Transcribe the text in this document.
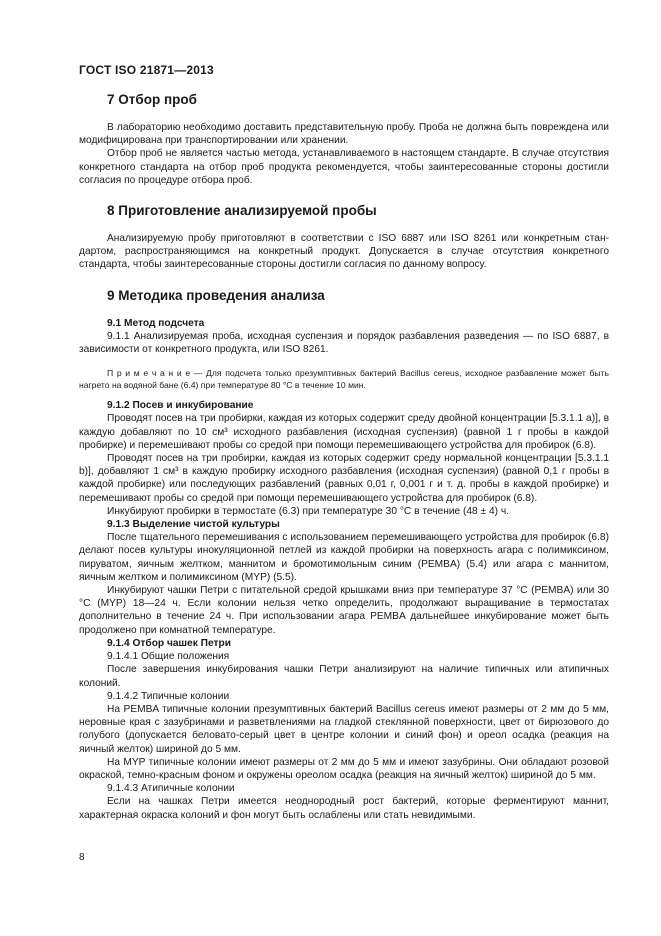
ГОСТ ISO 21871—2013
7 Отбор проб

В лабораторию необходимо доставить представительную пробу. Проба не должна быть повреждена или модифицирована при транспортировании или хранении.

Отбор проб не является частью метода, устанавливаемого в настоящем стандарте. В случае отсутствия конкретного стандарта на отбор проб продукта рекомендуется, чтобы заинтересованные стороны достигли согласия по процедуре отбора проб.

8 Приготовление анализируемой пробы

Анализируемую пробу приготовляют в соответствии с ISO 6887 или ISO 8261 или конкретным стандартом, распространяющимся на конкретный продукт. Допускается в случае отсутствия конкретного стандарта, чтобы заинтересованные стороны достигли согласия по данному вопросу.

9 Методика проведения анализа
9.1 Метод подсчета

9.1.1 Анализируемая проба, исходная суспензия и порядок разбавления разведения — по ISO 6887, в зависимости от конкретного продукта, или ISO 8261.

П р и м е ч а н и е — Для подсчета только презумптивных бактерий Bacillus cereus, исходное разбавление может быть нагрето на водяной бане (6.4) при температуре 80 °С в течение 10 мин.

9.1.2 Посев и инкубирование

Проводят посев на три пробирки, каждая из которых содержит среду двойной концентрации [5.3.1.1 a)], в каждую добавляют по 10 см³ исходного разбавления (исходная суспензия) (равной 1 г пробы в каждой пробирке) и перемешивают пробы со средой при помощи перемешивающего устройства для пробирок (6.8).

Проводят посев на три пробирки, каждая из которых содержит среду нормальной концентрации [5.3.1.1 b)], добавляют 1 см³ в каждую пробирку исходного разбавления (исходная суспензия) (равной 0,1 г пробы в каждой пробирке) или последующих разбавлений (равных 0,01 г, 0,001 г и т. д. пробы в каждой пробирке) и перемешивают пробы со средой при помощи перемешивающего устройства для пробирок (6.8).

Инкубируют пробирки в термостате (6.3) при температуре 30 °С в течение (48 ± 4) ч.

9.1.3 Выделение чистой культуры

После тщательного перемешивания с использованием перемешивающего устройства для пробирок (6.8) делают посев культуры инокуляционной петлей из каждой пробирки на поверхность агара с полимиксином, пируватом, яичным желтком, маннитом и бромотимольным синим (PEMBA) (5.4) или агара с маннитом, яичным желтком и полимиксином (MYP) (5.5).

Инкубируют чашки Петри с питательной средой крышками вниз при температуре 37 °С (PEMBA) или 30 °С (MYP) 18—24 ч. Если колонии нельзя четко определить, продолжают выращивание в термостатах дополнительно в течение 24 ч. При использовании агара PEMBA дальнейшее инкубирование может быть продолжено при комнатной температуре.

9.1.4 Отбор чашек Петри

9.1.4.1 Общие положения

После завершения инкубирования чашки Петри анализируют на наличие типичных или атипичных колоний.

9.1.4.2 Типичные колонии

На PEMBA типичные колонии презумптивных бактерий Bacillus cereus имеют размеры от 2 мм до 5 мм, неровные края с зазубринами и разветвлениями на гладкой стеклянной поверхности, цвет от бирюзового до голубого (допускается беловато-серый цвет в центре колонии и синий фон) и ореол осадка (реакция на яичный желток) шириной до 5 мм.

На MYP типичные колонии имеют размеры от 2 мм до 5 мм и имеют зазубрины. Они обладают розовой окраской, темно-красным фоном и окружены ореолом осадка (реакция на яичный желток) шириной до 5 мм.

9.1.4.3 Атипичные колонии

Если на чашках Петри имеется неоднородный рост бактерий, которые ферментируют маннит, характерная окраска колоний и фон могут быть ослаблены или стать невидимыми.

8
